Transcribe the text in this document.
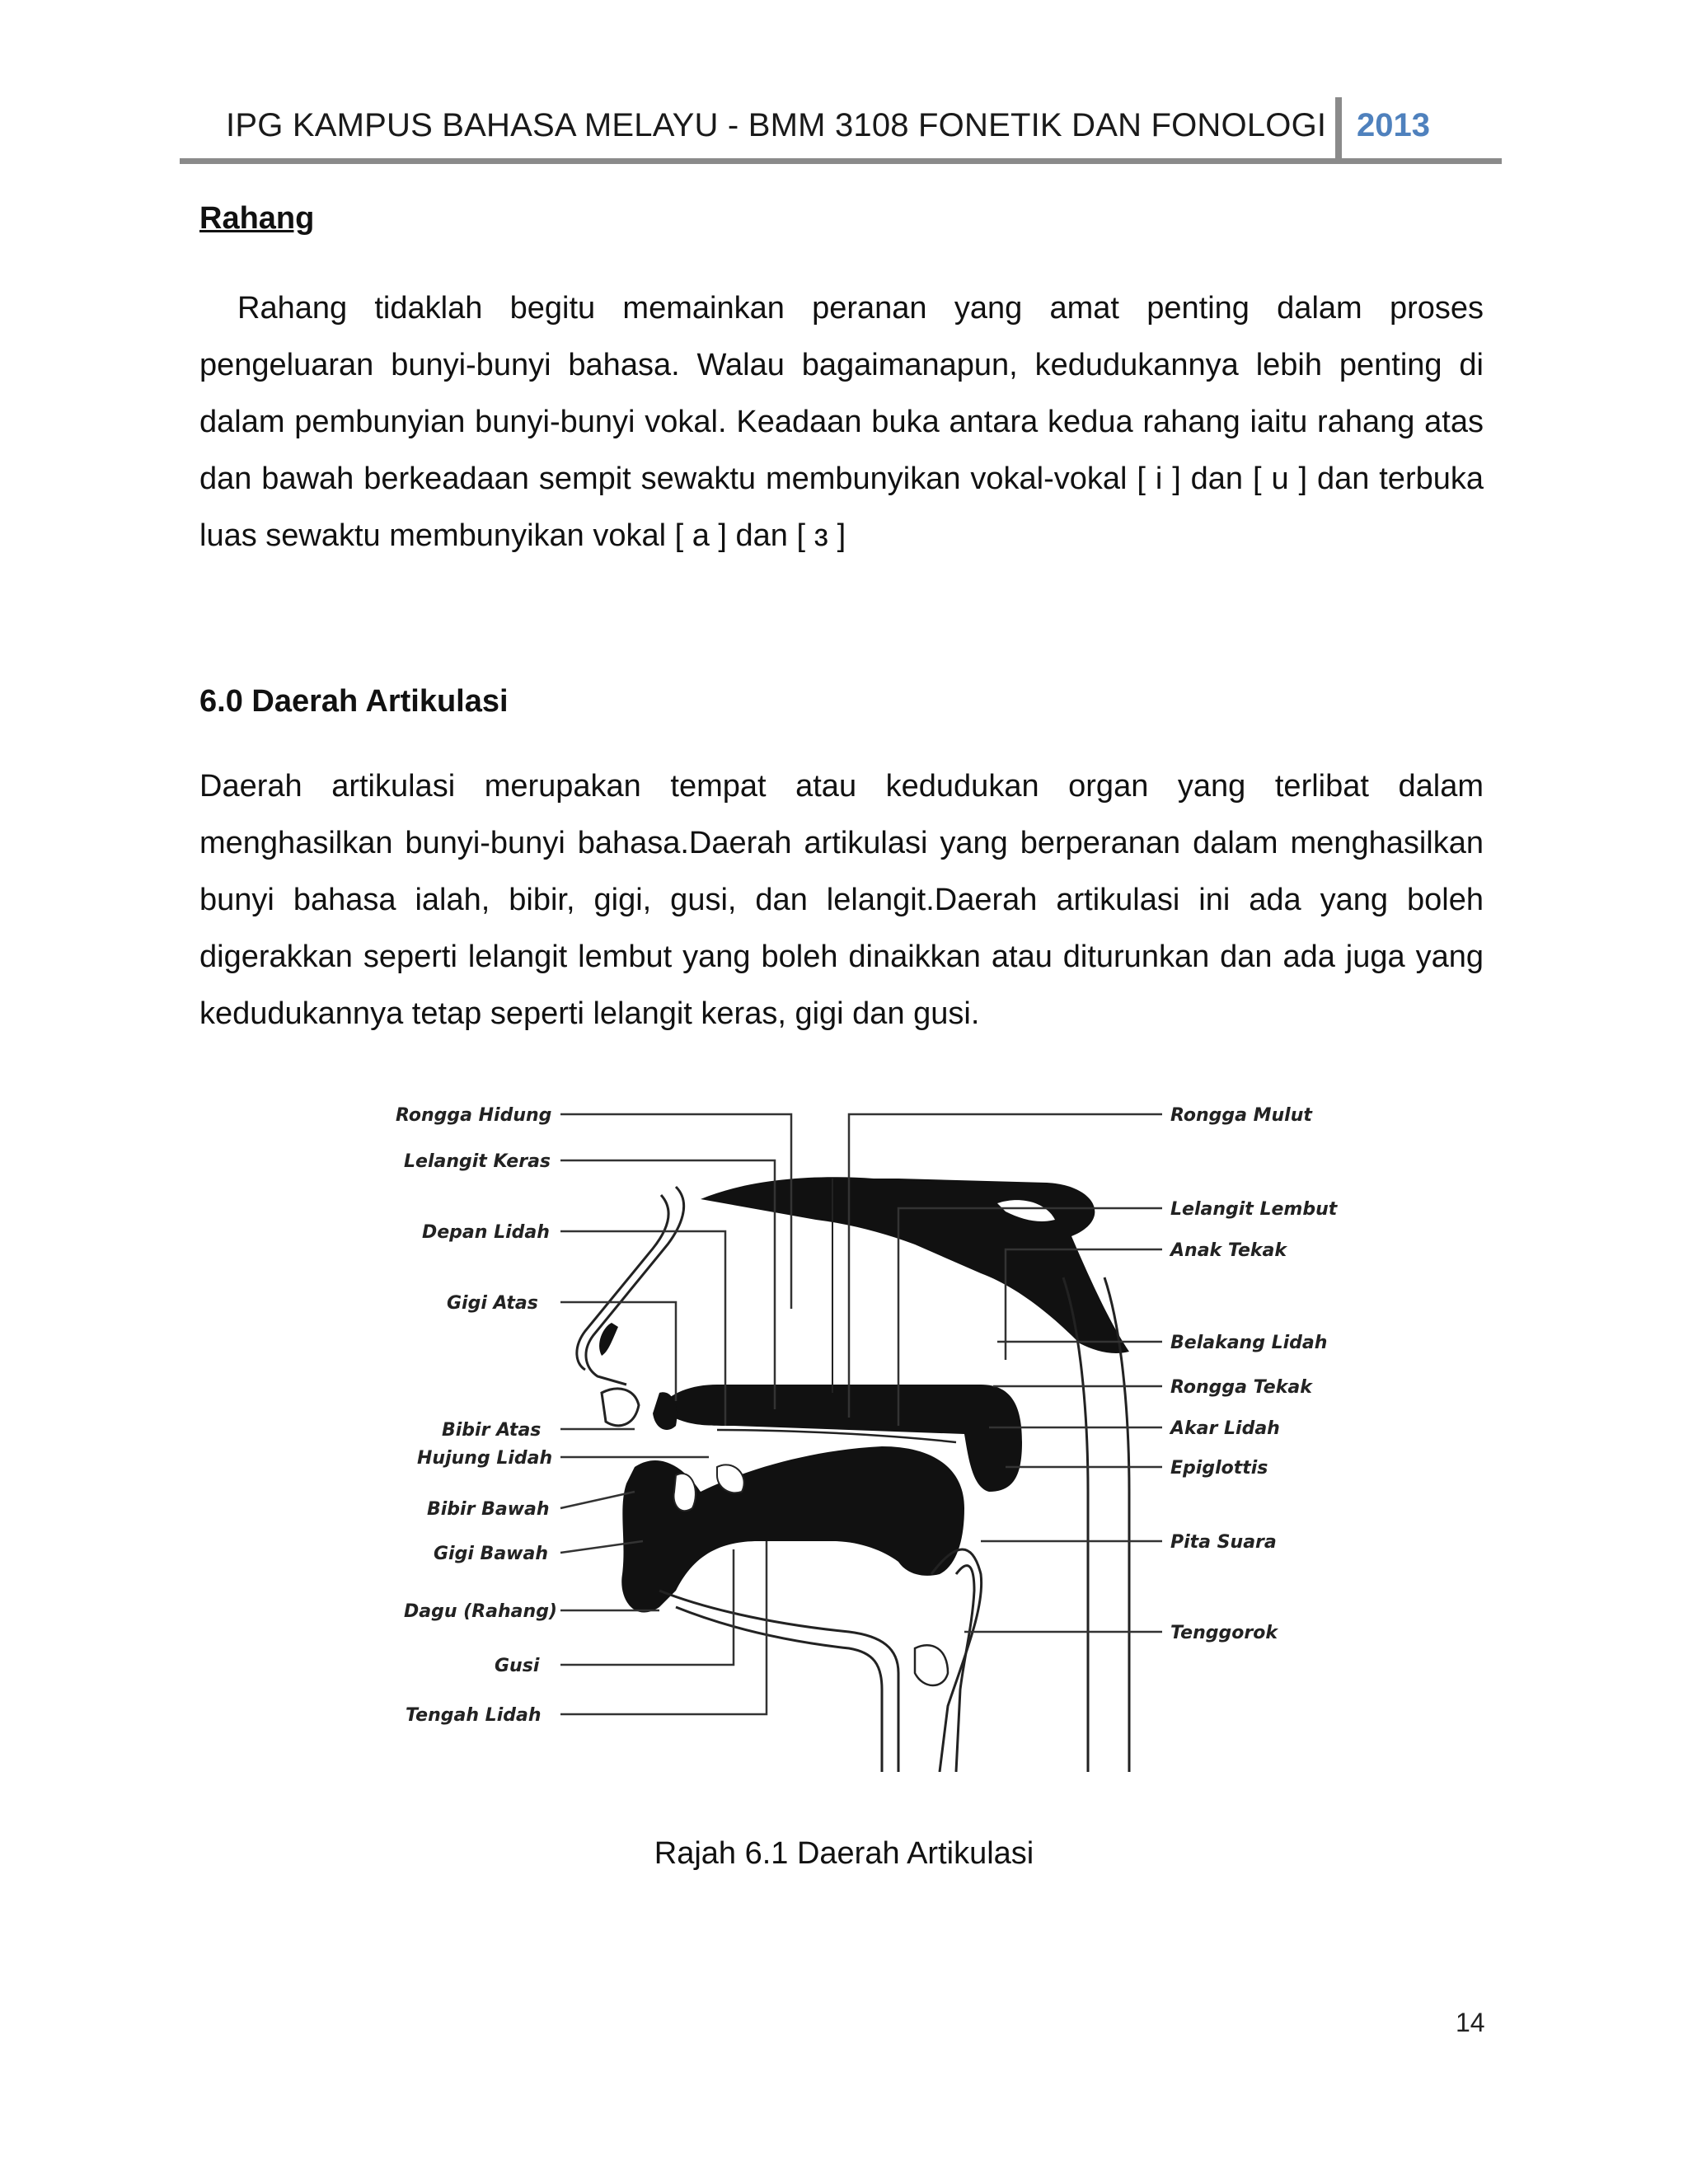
IPG KAMPUS BAHASA MELAYU - BMM 3108 FONETIK DAN FONOLOGI 2013
Rahang
Rahang tidaklah begitu memainkan peranan yang amat penting dalam proses pengeluaran bunyi-bunyi bahasa. Walau bagaimanapun, kedudukannya lebih penting di dalam pembunyian bunyi-bunyi vokal. Keadaan buka antara kedua rahang iaitu rahang atas dan bawah berkeadaan sempit sewaktu membunyikan vokal-vokal [ i ] dan [ u ] dan terbuka luas sewaktu membunyikan vokal [ a ] dan [ ɜ ]
6.0 Daerah Artikulasi
Daerah artikulasi merupakan tempat atau kedudukan organ yang terlibat dalam menghasilkan bunyi-bunyi bahasa.Daerah artikulasi yang berperanan dalam menghasilkan bunyi bahasa ialah, bibir, gigi, gusi, dan lelangit.Daerah artikulasi ini ada yang boleh digerakkan seperti lelangit lembut yang boleh dinaikkan atau diturunkan dan ada juga yang kedudukannya tetap seperti lelangit keras, gigi dan gusi.
Rongga Hidung
Lelangit Keras
Depan Lidah
Gigi Atas
Bibir Atas
Hujung Lidah
Bibir Bawah
Gigi Bawah
Dagu (Rahang)
Gusi
Tengah Lidah
Rongga Mulut
Lelangit Lembut
Anak Tekak
Belakang Lidah
Rongga Tekak
Akar Lidah
Epiglottis
Pita Suara
Tenggorok
Rajah 6.1 Daerah Artikulasi
14
